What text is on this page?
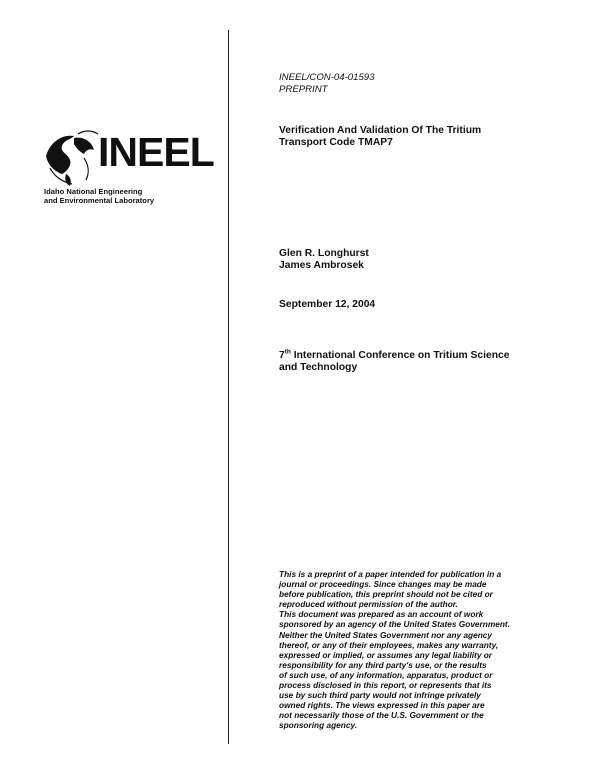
INEEL
Idaho National Engineering
and Environmental Laboratory
INEEL/CON-04-01593
PREPRINT
Verification And Validation Of The Tritium
Transport Code TMAP7
Glen R. Longhurst
James Ambrosek
September 12, 2004
7th International Conference on Tritium Science
and Technology
This is a preprint of a paper intended for publication in a
journal or proceedings. Since changes may be made
before publication, this preprint should not be cited or
reproduced without permission of the author.
This document was prepared as an account of work
sponsored by an agency of the United States Government.
Neither the United States Government nor any agency
thereof, or any of their employees, makes any warranty,
expressed or implied, or assumes any legal liability or
responsibility for any third party's use, or the results
of such use, of any information, apparatus, product or
process disclosed in this report, or represents that its
use by such third party would not infringe privately
owned rights. The views expressed in this paper are
not necessarily those of the U.S. Government or the
sponsoring agency.
